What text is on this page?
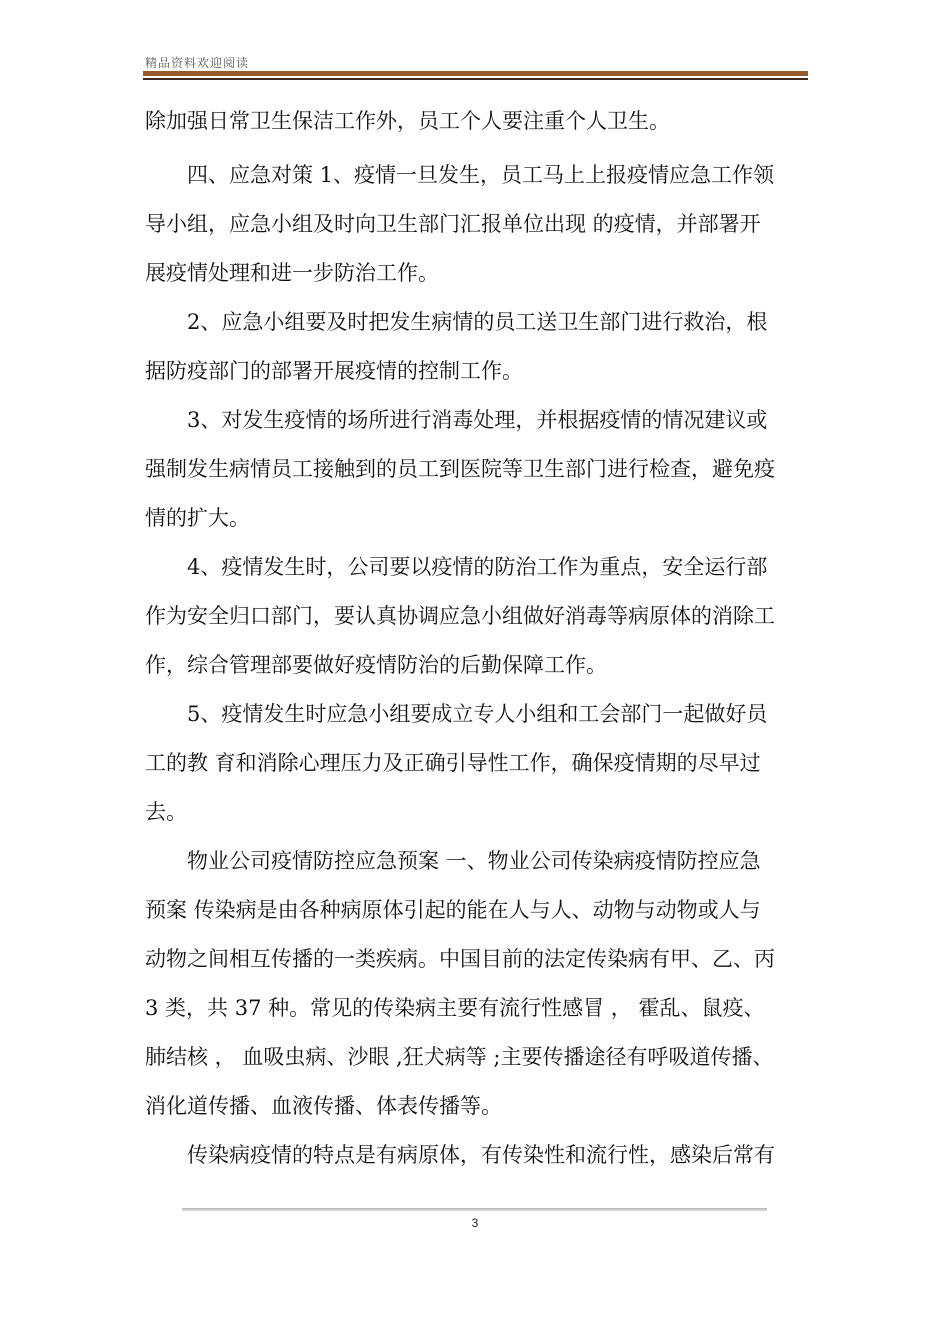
精品资料欢迎阅读
除加强日常卫生保洁工作外，员工个人要注重个人卫生。
　　四、应急对策 1、疫情一旦发生，员工马上上报疫情应急工作领
导小组，应急小组及时向卫生部门汇报单位出现 的疫情，并部署开
展疫情处理和进一步防治工作。
　　2、应急小组要及时把发生病情的员工送卫生部门进行救治，根
据防疫部门的部署开展疫情的控制工作。
　　3、对发生疫情的场所进行消毒处理，并根据疫情的情况建议或
强制发生病情员工接触到的员工到医院等卫生部门进行检查，避免疫
情的扩大。
　　4、疫情发生时，公司要以疫情的防治工作为重点，安全运行部
作为安全归口部门，要认真协调应急小组做好消毒等病原体的消除工
作，综合管理部要做好疫情防治的后勤保障工作。
　　5、疫情发生时应急小组要成立专人小组和工会部门一起做好员
工的教 育和消除心理压力及正确引导性工作，确保疫情期的尽早过
去。
　　物业公司疫情防控应急预案 一、物业公司传染病疫情防控应急
预案 传染病是由各种病原体引起的能在人与人、动物与动物或人与
动物之间相互传播的一类疾病。中国目前的法定传染病有甲、乙、丙
3 类，共 37 种。常见的传染病主要有流行性感冒 ， 霍乱、鼠疫、
肺结核 ， 血吸虫病、沙眼 ,狂犬病等 ;主要传播途径有呼吸道传播、
消化道传播、血液传播、体表传播等。
　　传染病疫情的特点是有病原体，有传染性和流行性，感染后常有
3
